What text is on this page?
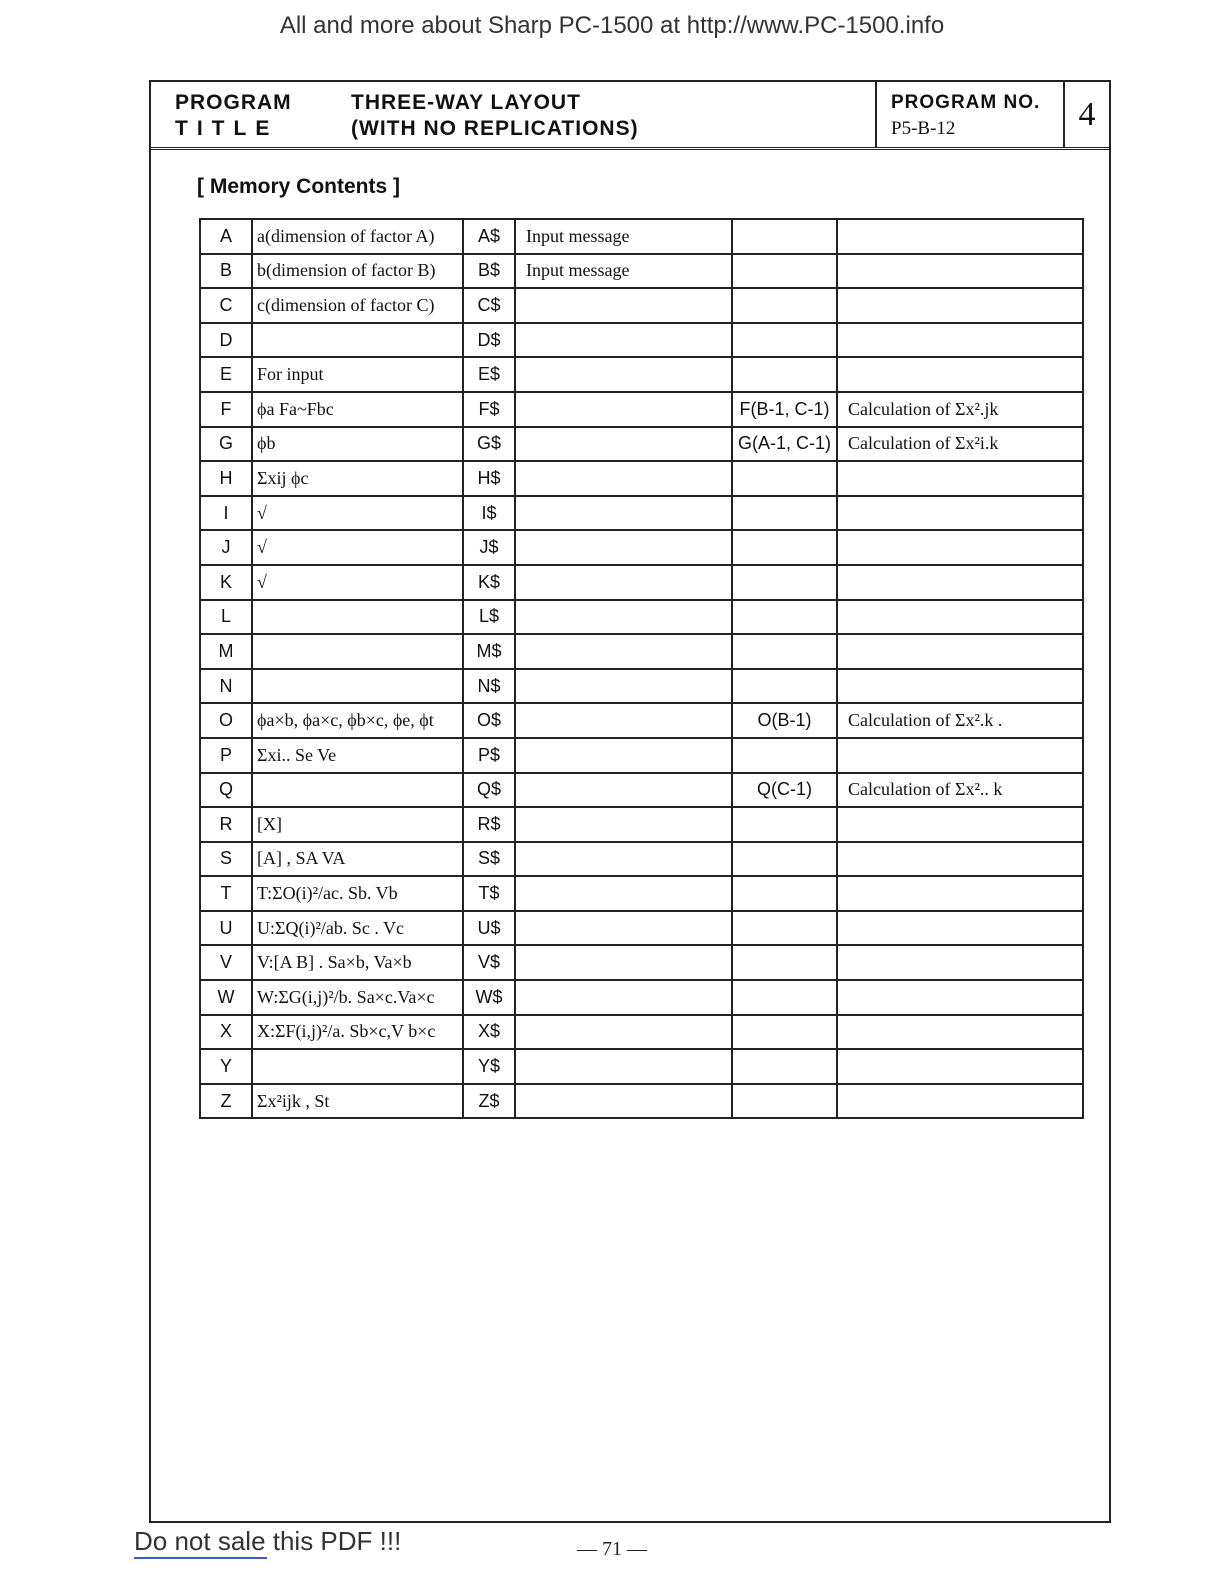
All and more about Sharp PC-1500 at http://www.PC-1500.info
PROGRAM
TITLE
THREE-WAY LAYOUT
(WITH NO REPLICATIONS)
PROGRAM NO.
P5-B-12	4
[ Memory Contents ]
A	a(dimension of factor A)	A$	Input message		
B	b(dimension of factor B)	B$	Input message		
C	c(dimension of factor C)	C$			
D		D$			
E	For input	E$			
F	ϕa Fa~Fbc	F$		F(B-1, C-1)	Calculation of Σx².jk
G	ϕb	G$		G(A-1, C-1)	Calculation of Σx²i.k
H	Σxij ϕc	H$			
I	√	I$			
J	√	J$			
K	√	K$			
L		L$			
M		M$			
N		N$			
O	ϕa×b, ϕa×c, ϕb×c, ϕe, ϕt	O$		O(B-1)	Calculation of Σx².k .
P	Σxi.. Se Ve	P$			
Q		Q$		Q(C-1)	Calculation of Σx².. k
R	[X]	R$			
S	[A] , SA VA	S$			
T	T:ΣO(i)²/ac. Sb. Vb	T$			
U	U:ΣQ(i)²/ab. Sc . Vc	U$			
V	V:[A B] . Sa×b, Va×b	V$			
W	W:ΣG(i,j)²/b. Sa×c.Va×c	W$			
X	X:ΣF(i,j)²/a. Sb×c,V b×c	X$			
Y		Y$			
Z	Σx²ijk , St	Z$			
Do not sale this PDF !!!	— 71 —
